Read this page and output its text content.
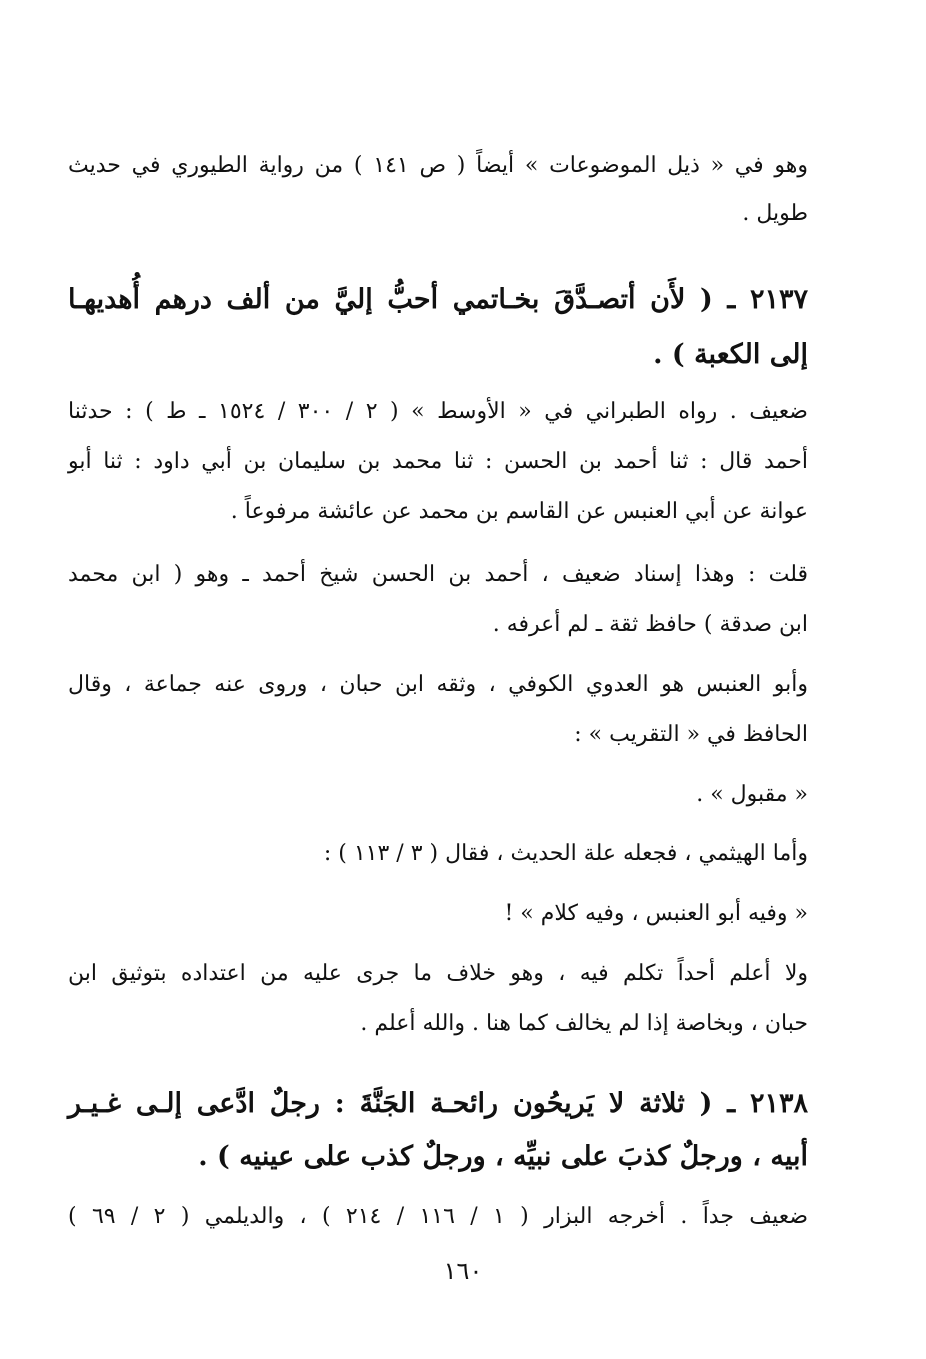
وهو في « ذيل الموضوعات » أيضاً ( ص ١٤١ ) من رواية الطيوري في حديث
طويل .
٢١٣٧ ـ ( لأَن أتصـدَّقَ بخـاتمي أحبُّ إليَّ من ألف درهم أُهديهـا
إلى الكعبة ) .
ضعيف . رواه الطبراني في « الأوسط » ( ٢ / ٣٠٠ / ١٥٢٤ ـ ط ) : حدثنا
أحمد قال : ثنا أحمد بن الحسن : ثنا محمد بن سليمان بن أبي داود : ثنا أبو
عوانة عن أبي العنبس عن القاسم بن محمد عن عائشة مرفوعاً .
قلت : وهذا إسناد ضعيف ، أحمد بن الحسن شيخ أحمد ـ وهو ( ابن محمد
ابن صدقة ) حافظ ثقة ـ لم أعرفه .
وأبو العنبس هو العدوي الكوفي ، وثقه ابن حبان ، وروى عنه جماعة ، وقال
الحافظ في « التقريب » :
« مقبول » .
وأما الهيثمي ، فجعله علة الحديث ، فقال ( ٣ / ١١٣ ) :
« وفيه أبو العنبس ، وفيه كلام » !
ولا أعلم أحداً تكلم فيه ، وهو خلاف ما جرى عليه من اعتداده بتوثيق ابن
حبان ، وبخاصة إذا لم يخالف كما هنا . والله أعلم .
٢١٣٨ ـ ( ثلاثة لا يَريحُون رائحـة الجَنَّةَ : رجلٌ ادَّعى إلـى غـيـر
أبيه ، ورجلٌ كذبَ على نبيِّه ، ورجلٌ كذب على عينيه ) .
ضعيف جداً . أخرجه البزار ( ١ / ١١٦ / ٢١٤ ) ، والديلمي ( ٢ / ٦٩ )
١٦٠
